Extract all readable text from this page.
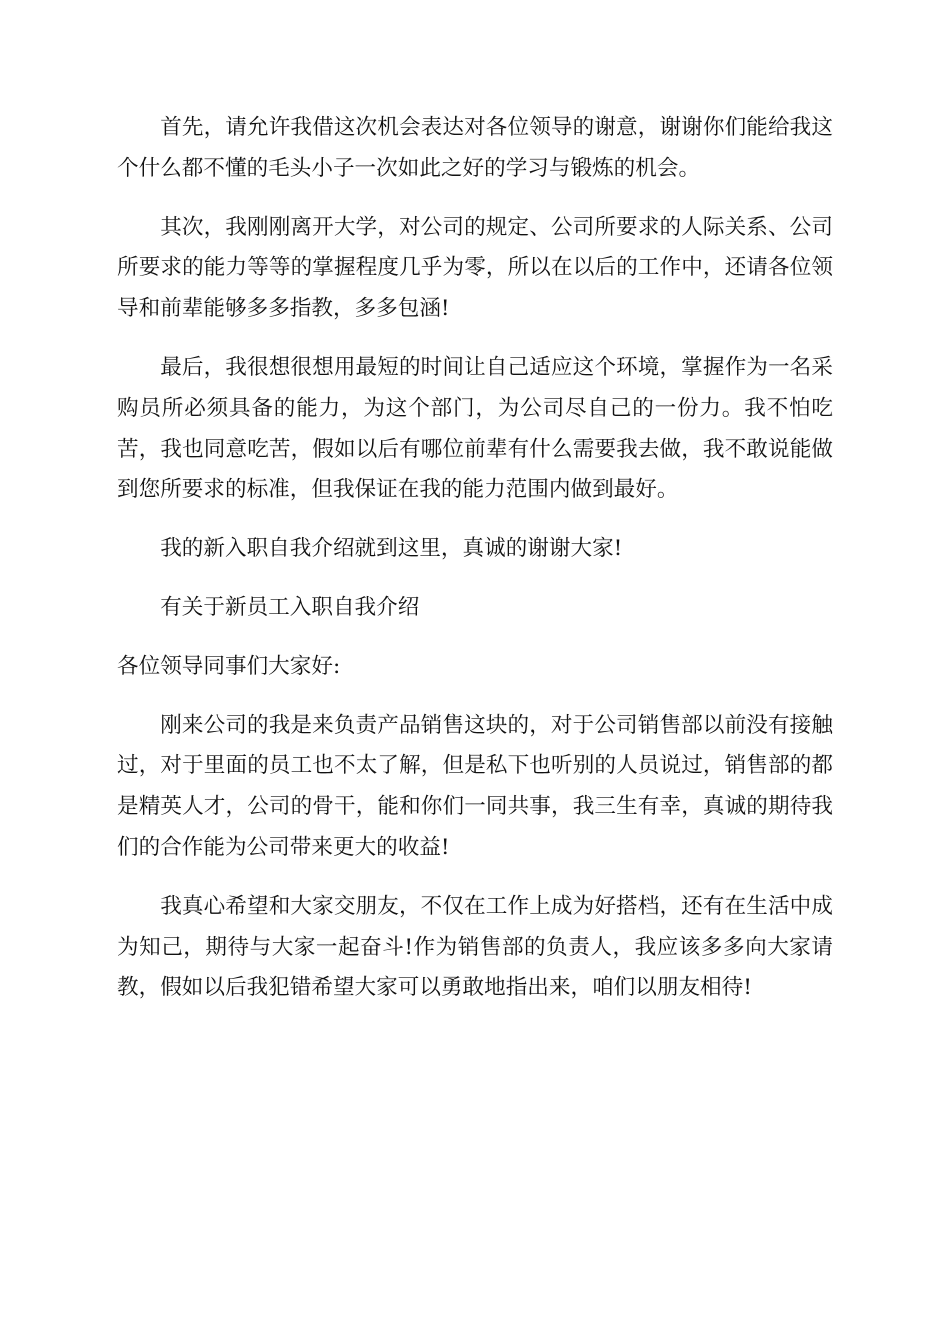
首先，请允许我借这次机会表达对各位领导的谢意，谢谢你们能给我这个什么都不懂的毛头小子一次如此之好的学习与锻炼的机会。

其次，我刚刚离开大学，对公司的规定、公司所要求的人际关系、公司所要求的能力等等的掌握程度几乎为零，所以在以后的工作中，还请各位领导和前辈能够多多指教，多多包涵!

最后，我很想很想用最短的时间让自己适应这个环境，掌握作为一名采购员所必须具备的能力，为这个部门，为公司尽自己的一份力。我不怕吃苦，我也同意吃苦，假如以后有哪位前辈有什么需要我去做，我不敢说能做到您所要求的标准，但我保证在我的能力范围内做到最好。

我的新入职自我介绍就到这里，真诚的谢谢大家!

有关于新员工入职自我介绍

各位领导同事们大家好:

刚来公司的我是来负责产品销售这块的，对于公司销售部以前没有接触过，对于里面的员工也不太了解，但是私下也听别的人员说过，销售部的都是精英人才，公司的骨干，能和你们一同共事，我三生有幸，真诚的期待我们的合作能为公司带来更大的收益!

我真心希望和大家交朋友，不仅在工作上成为好搭档，还有在生活中成为知己，期待与大家一起奋斗!作为销售部的负责人，我应该多多向大家请教，假如以后我犯错希望大家可以勇敢地指出来，咱们以朋友相待!
